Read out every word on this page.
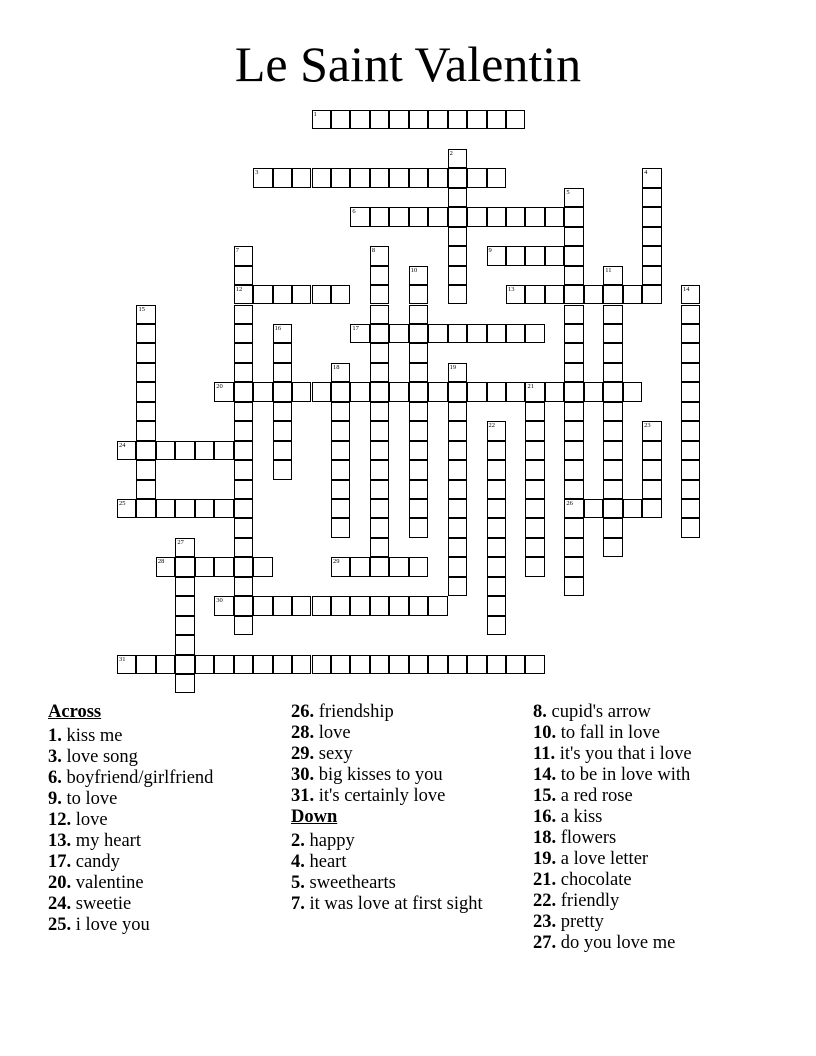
Le Saint Valentin
1
2
3	4
5
26
6
7
12
8	9
10	11
13	14
15
16	17
18	19
20	21
22	23
24
25
27
28	29
30
31
Across
1. kiss me
3. love song
6. boyfriend/girlfriend
9. to love
12. love
13. my heart
17. candy
20. valentine
24. sweetie
25. i love you
26. friendship
28. love
29. sexy
30. big kisses to you
31. it's certainly love
Down
2. happy
4. heart
5. sweethearts
7. it was love at first sight
8. cupid's arrow
10. to fall in love
11. it's you that i love
14. to be in love with
15. a red rose
16. a kiss
18. flowers
19. a love letter
21. chocolate
22. friendly
23. pretty
27. do you love me
